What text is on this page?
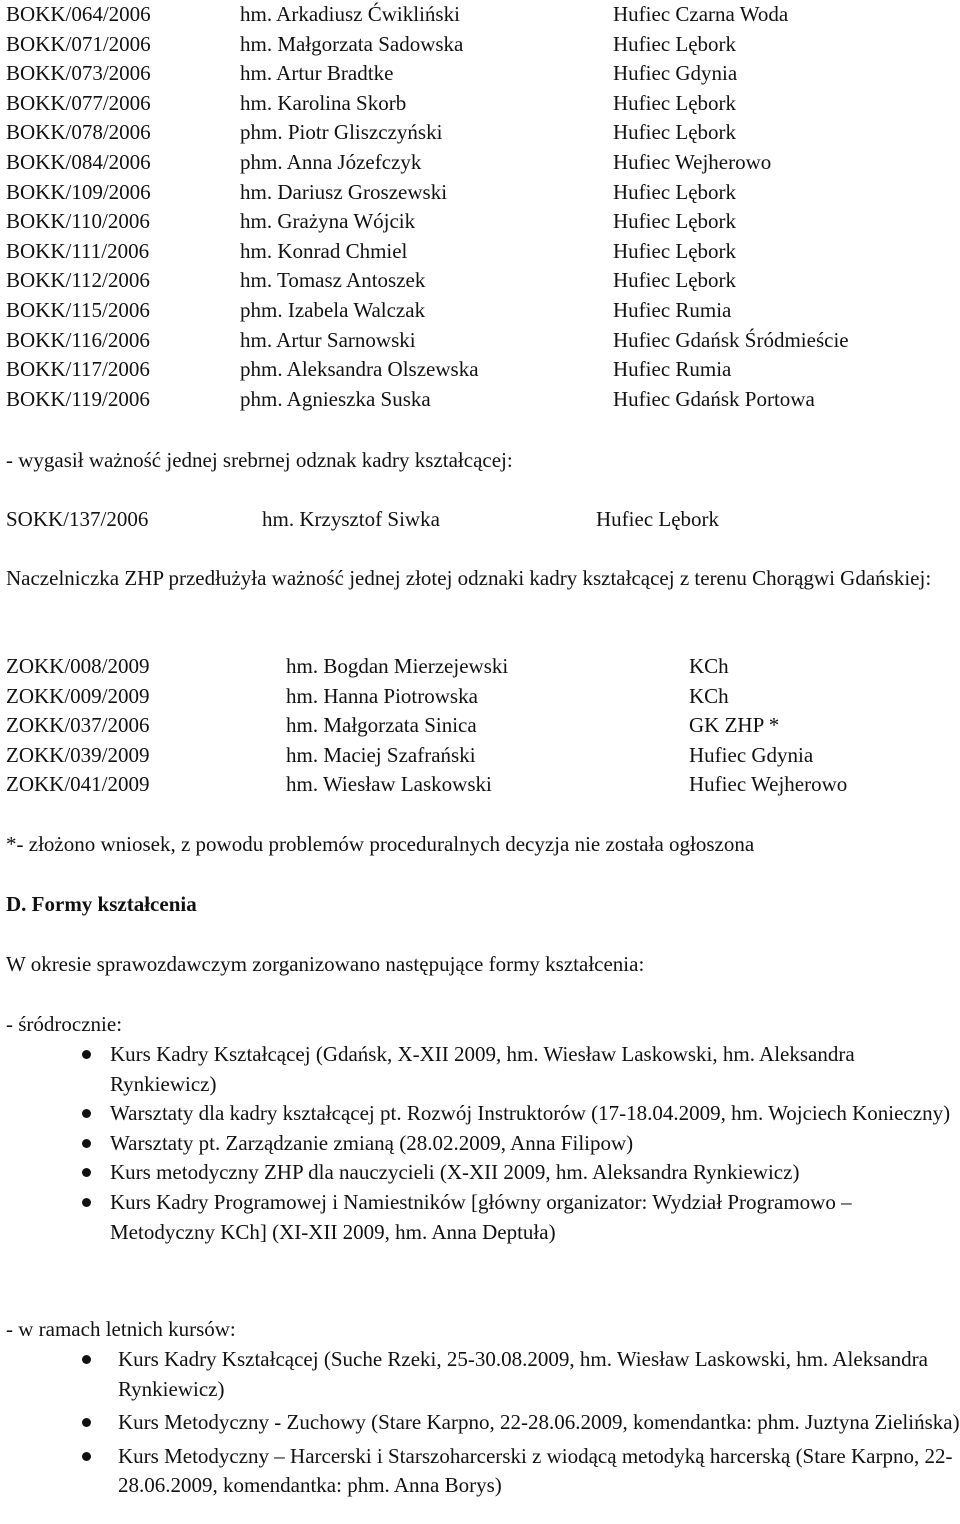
BOKK/064/2006	hm. Arkadiusz Ćwikliński	Hufiec Czarna Woda
BOKK/071/2006	hm. Małgorzata Sadowska	Hufiec Lębork
BOKK/073/2006	hm. Artur Bradtke	Hufiec Gdynia
BOKK/077/2006	hm. Karolina Skorb	Hufiec Lębork
BOKK/078/2006	phm. Piotr Gliszczyński	Hufiec Lębork
BOKK/084/2006	phm. Anna Józefczyk	Hufiec Wejherowo
BOKK/109/2006	hm. Dariusz Groszewski	Hufiec Lębork
BOKK/110/2006	hm. Grażyna Wójcik	Hufiec Lębork
BOKK/111/2006	hm. Konrad Chmiel	Hufiec Lębork
BOKK/112/2006	hm. Tomasz Antoszek	Hufiec Lębork
BOKK/115/2006	phm. Izabela Walczak	Hufiec Rumia
BOKK/116/2006	hm. Artur Sarnowski	Hufiec Gdańsk Śródmieście
BOKK/117/2006	phm. Aleksandra Olszewska	Hufiec Rumia
BOKK/119/2006	phm. Agnieszka Suska	Hufiec Gdańsk Portowa
- wygasił ważność jednej srebrnej odznak kadry kształcącej:
SOKK/137/2006	hm. Krzysztof Siwka	Hufiec Lębork
Naczelniczka ZHP przedłużyła ważność jednej złotej odznaki kadry kształcącej z terenu Chorągwi Gdańskiej:
ZOKK/008/2009	hm. Bogdan Mierzejewski	KCh
ZOKK/009/2009	hm. Hanna Piotrowska	KCh
ZOKK/037/2006	hm. Małgorzata Sinica	GK ZHP *
ZOKK/039/2009	hm. Maciej Szafrański	Hufiec Gdynia
ZOKK/041/2009	hm. Wiesław Laskowski	Hufiec Wejherowo
*- złożono wniosek, z powodu problemów proceduralnych decyzja nie została ogłoszona
D. Formy kształcenia
W okresie sprawozdawczym zorganizowano następujące formy kształcenia:
- śródrocznie:
Kurs Kadry Kształcącej (Gdańsk, X-XII 2009, hm. Wiesław Laskowski, hm. Aleksandra Rynkiewicz)
Warsztaty dla kadry kształcącej pt. Rozwój Instruktorów (17-18.04.2009, hm. Wojciech Konieczny)
Warsztaty pt. Zarządzanie zmianą (28.02.2009, Anna Filipow)
Kurs metodyczny ZHP dla nauczycieli (X-XII 2009, hm. Aleksandra Rynkiewicz)
Kurs Kadry Programowej i Namiestników [główny organizator: Wydział Programowo – Metodyczny KCh] (XI-XII 2009, hm. Anna Deptuła)
- w ramach letnich kursów:
Kurs Kadry Kształcącej (Suche Rzeki, 25-30.08.2009, hm. Wiesław Laskowski, hm. Aleksandra Rynkiewicz)
Kurs Metodyczny - Zuchowy (Stare Karpno, 22-28.06.2009, komendantka: phm. Juztyna Zielińska)
Kurs Metodyczny – Harcerski i Starszoharcerski z wiodącą metodyką harcerską (Stare Karpno, 22-28.06.2009, komendantka: phm. Anna Borys)
